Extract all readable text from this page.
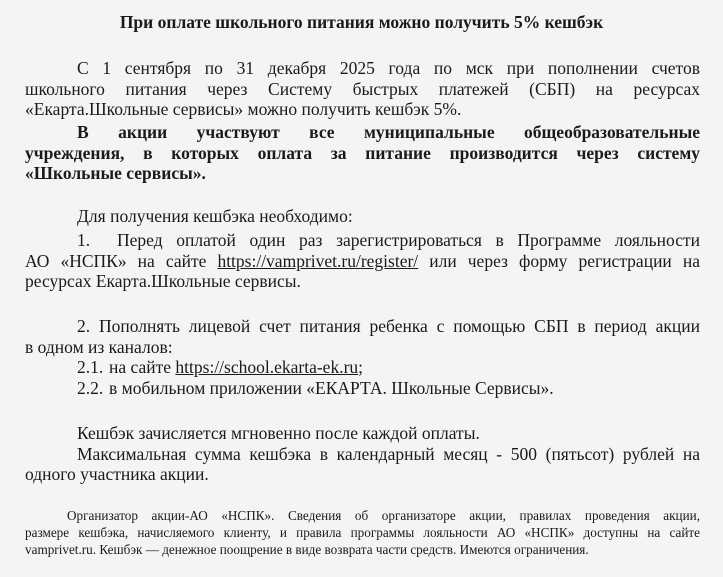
При оплате школьного питания можно получить 5% кешбэк
С 1 сентября по 31 декабря 2025 года по мск при пополнении счетов
школьного питания через Систему быстрых платежей (СБП) на ресурсах
«Екарта.Школьные сервисы» можно получить кешбэк 5%.
В акции участвуют все муниципальные общеобразовательные
учреждения, в которых оплата за питание производится через систему
«Школьные сервисы».
Для получения кешбэка необходимо:
1. Перед оплатой один раз зарегистрироваться в Программе лояльности
АО «НСПК» на сайте https://vamprivet.ru/register/ или через форму регистрации на
ресурсах Екарта.Школьные сервисы.
2. Пополнять лицевой счет питания ребенка с помощью СБП в период акции
в одном из каналов:
2.1. на сайте https://school.ekarta-ek.ru;
2.2. в мобильном приложении «ЕКАРТА. Школьные Сервисы».
Кешбэк зачисляется мгновенно после каждой оплаты.
Максимальная сумма кешбэка в календарный месяц - 500 (пятьсот) рублей на
одного участника акции.
Организатор акции-АО «НСПК». Сведения об организаторе акции, правилах проведения акции,
размере кешбэка, начисляемого клиенту, и правила программы лояльности АО «НСПК» доступны на сайте
vamprivet.ru. Кешбэк — денежное поощрение в виде возврата части средств. Имеются ограничения.
